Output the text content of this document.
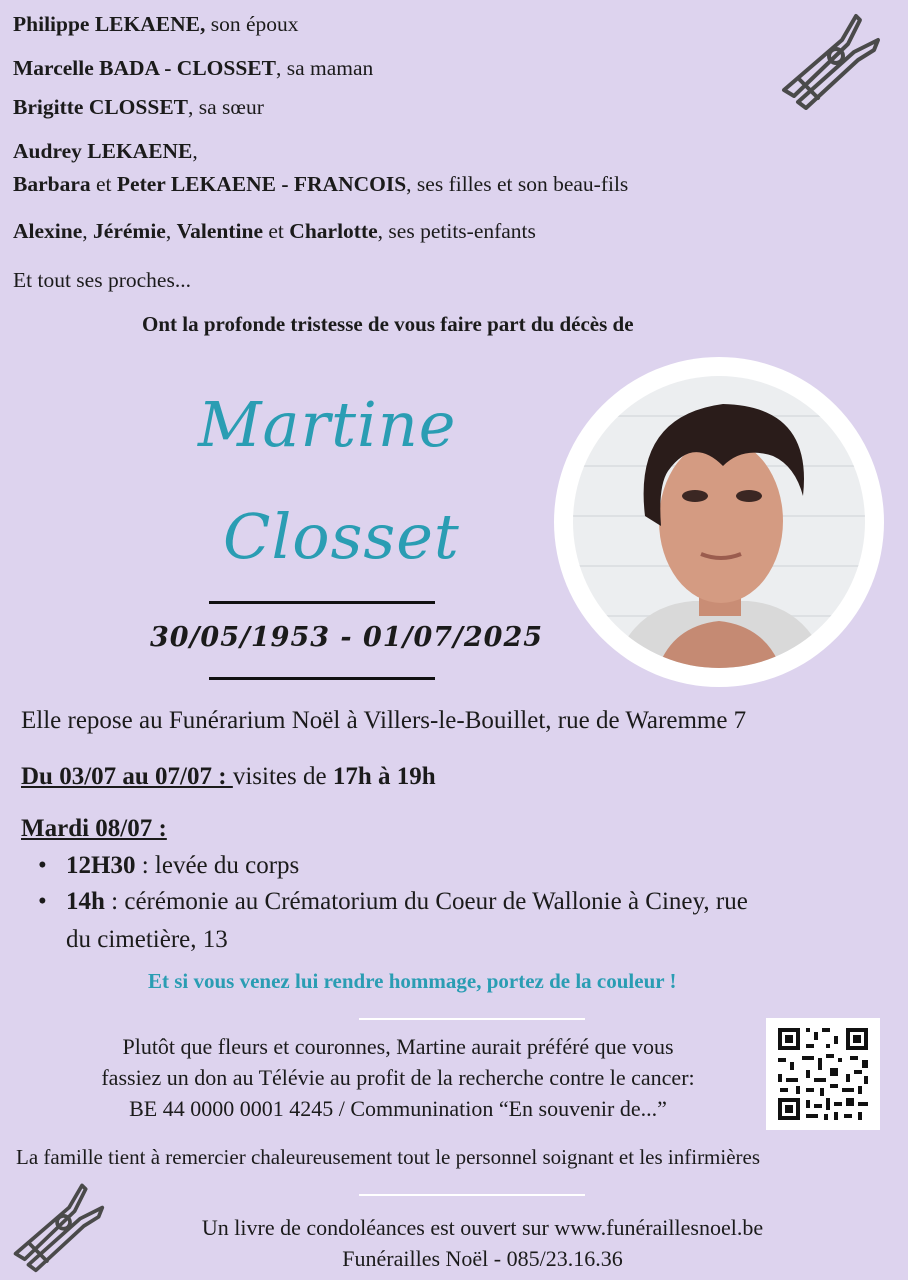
Philippe LEKAENE, son époux

Marcelle BADA - CLOSSET, sa maman

Brigitte CLOSSET, sa sœur

Audrey LEKAENE,

Barbara et Peter LEKAENE - FRANCOIS, ses filles et son beau-fils

Alexine, Jérémie, Valentine et Charlotte, ses petits-enfants

Et tout ses proches...

Ont la profonde tristesse de vous faire part du décès de
Martine
Closset
30/05/1953 - 01/07/2025
Elle repose au Funérarium Noël à Villers-le-Bouillet, rue de Waremme 7
Du 03/07 au 07/07 : visites de 17h à 19h
Mardi 08/07 :
• 12H30 : levée du corps
• 14h : cérémonie au Crématorium du Coeur de Wallonie à Ciney, rue
du cimetière, 13
Et si vous venez lui rendre hommage, portez de la couleur !
Plutôt que fleurs et couronnes, Martine aurait préféré que vous
fassiez un don au Télévie au profit de la recherche contre le cancer:
BE 44 0000 0001 4245 / Communination “En souvenir de...”
La famille tient à remercier chaleureusement tout le personnel soignant et les infirmières
Un livre de condoléances est ouvert sur www.funéraillesnoel.be
Funérailles Noël - 085/23.16.36
